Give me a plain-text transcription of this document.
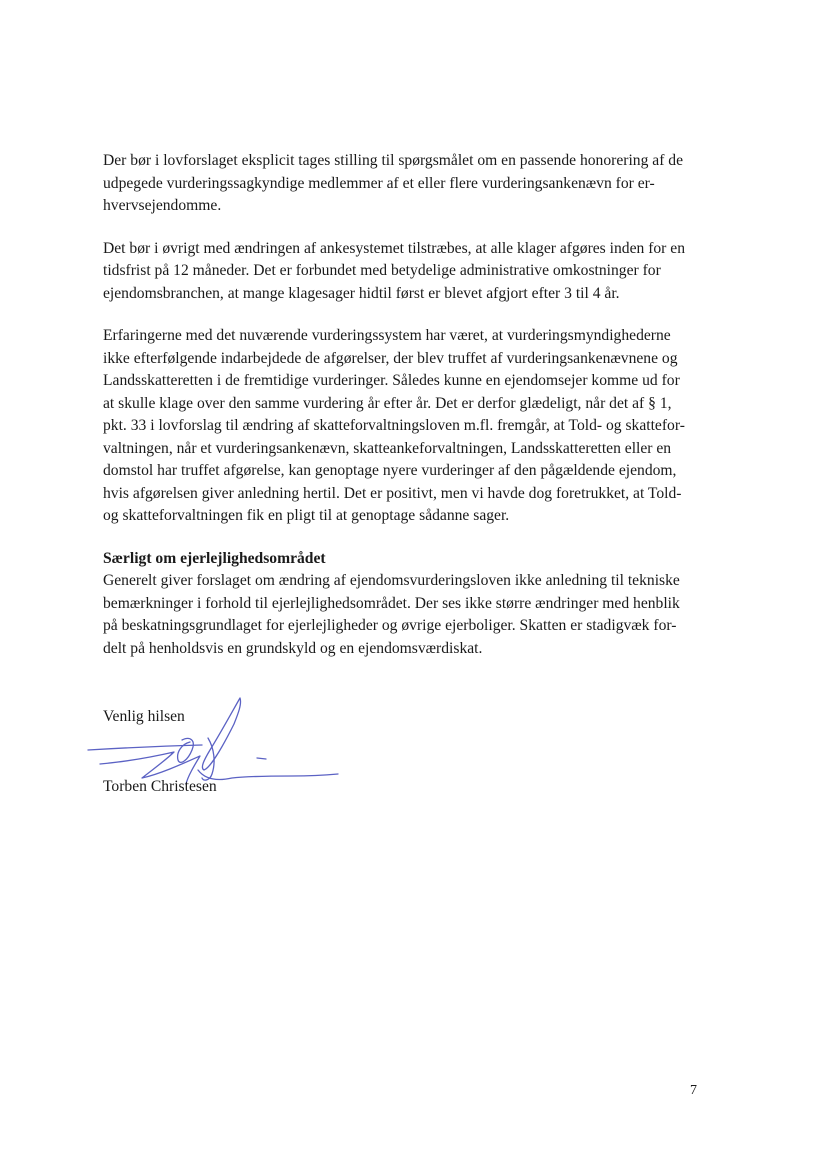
Der bør i lovforslaget eksplicit tages stilling til spørgsmålet om en passende honorering af de
udpegede vurderingssagkyndige medlemmer af et eller flere vurderingsankenævn for er-
hvervsejendomme.

Det bør i øvrigt med ændringen af ankesystemet tilstræbes, at alle klager afgøres inden for en
tidsfrist på 12 måneder. Det er forbundet med betydelige administrative omkostninger for
ejendomsbranchen, at mange klagesager hidtil først er blevet afgjort efter 3 til 4 år.

Erfaringerne med det nuværende vurderingssystem har været, at vurderingsmyndighederne
ikke efterfølgende indarbejdede de afgørelser, der blev truffet af vurderingsankenævnene og
Landsskatteretten i de fremtidige vurderinger. Således kunne en ejendomsejer komme ud for
at skulle klage over den samme vurdering år efter år. Det er derfor glædeligt, når det af § 1,
pkt. 33 i lovforslag til ændring af skatteforvaltningsloven m.fl. fremgår, at Told- og skattefor-
valtningen, når et vurderingsankenævn, skatteankeforvaltningen, Landsskatteretten eller en
domstol har truffet afgørelse, kan genoptage nyere vurderinger af den pågældende ejendom,
hvis afgørelsen giver anledning hertil. Det er positivt, men vi havde dog foretrukket, at Told-
og skatteforvaltningen fik en pligt til at genoptage sådanne sager.

Særligt om ejerlejlighedsområdet
Generelt giver forslaget om ændring af ejendomsvurderingsloven ikke anledning til tekniske
bemærkninger i forhold til ejerlejlighedsområdet. Der ses ikke større ændringer med henblik
på beskatningsgrundlaget for ejerlejligheder og øvrige ejerboliger. Skatten er stadigvæk for-
delt på henholdsvis en grundskyld og en ejendomsværdiskat.

Venlig hilsen
Torben Christesen
7
